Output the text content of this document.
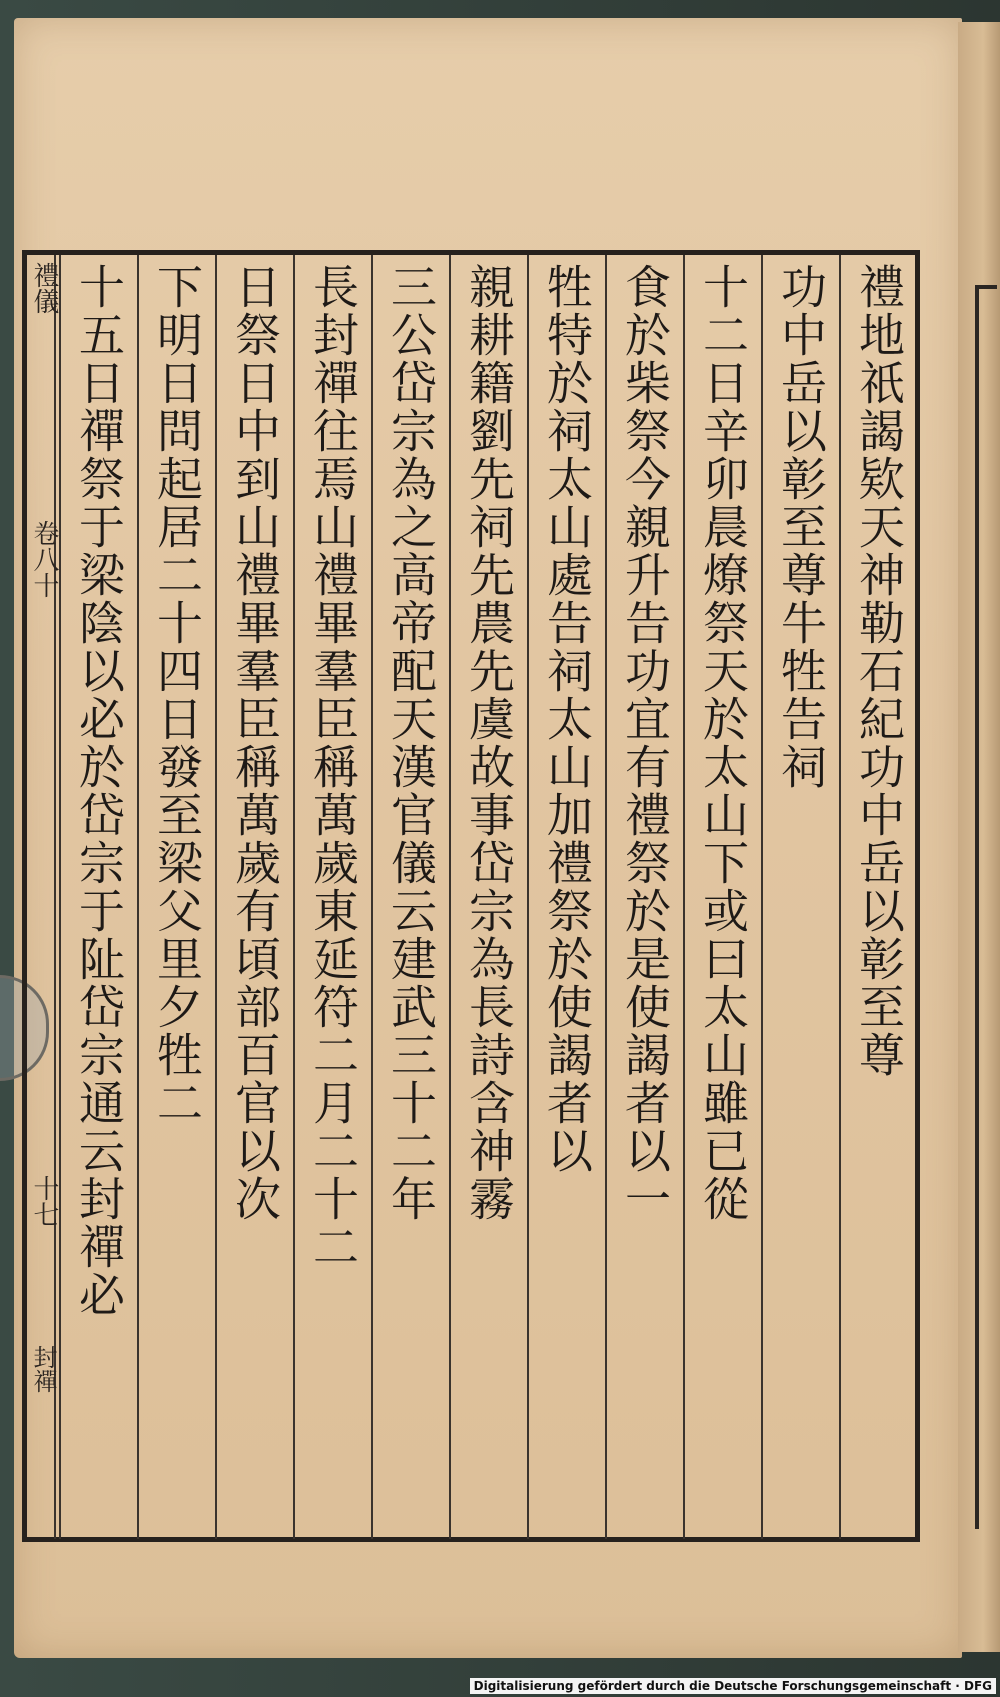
禮儀
卷八十
十七
封禪
禮地祇謁欵天神勒石紀功中岳以彰至尊
功中岳以彰至尊牛牲告祠
十二日辛卯晨燎祭天於太山下或曰太山雖已從
食於柴祭今親升告功宜有禮祭於是使謁者以一
牲特於祠太山處告祠太山加禮祭於使謁者以
親耕籍劉先祠先農先虞故事岱宗為長詩含神霧
三公岱宗為之高帝配天漢官儀云建武三十二年
長封禪往焉山禮畢羣臣稱萬歲東延符二月二十二
日祭日中到山禮畢羣臣稱萬歲有頃部百官以次
下明日問起居二十四日發至梁父里夕牲二
十五日禪祭于梁陰以必於岱宗于阯岱宗通云封禪必
Digitalisierung gefördert durch die Deutsche Forschungsgemeinschaft · DFG
